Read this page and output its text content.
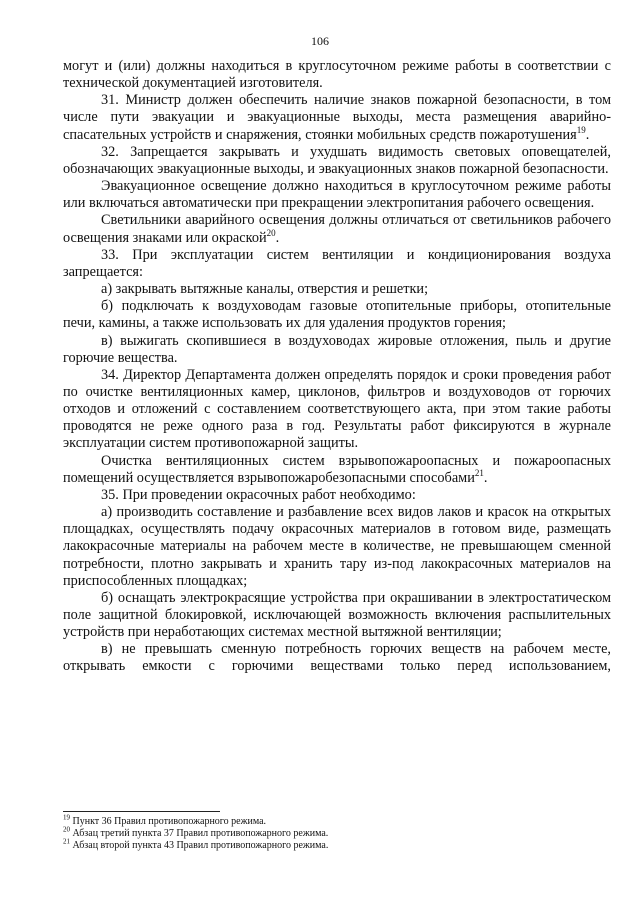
106

могут и (или) должны находиться в круглосуточном режиме работы в соответствии с технической документацией изготовителя.

31. Министр должен обеспечить наличие знаков пожарной безопасности, в том числе пути эвакуации и эвакуационные выходы, места размещения аварийно-спасательных устройств и снаряжения, стоянки мобильных средств пожаротушения$^{19}$.

32. Запрещается закрывать и ухудшать видимость световых оповещателей, обозначающих эвакуационные выходы, и эвакуационных знаков пожарной безопасности.

Эвакуационное освещение должно находиться в круглосуточном режиме работы или включаться автоматически при прекращении электропитания рабочего освещения.

Светильники аварийного освещения должны отличаться от светильников рабочего освещения знаками или окраской$^{20}$.

33. При эксплуатации систем вентиляции и кондиционирования воздуха запрещается:

а) закрывать вытяжные каналы, отверстия и решетки;

б) подключать к воздуховодам газовые отопительные приборы, отопительные печи, камины, а также использовать их для удаления продуктов горения;

в) выжигать скопившиеся в воздуховодах жировые отложения, пыль и другие горючие вещества.

34. Директор Департамента должен определять порядок и сроки проведения работ по очистке вентиляционных камер, циклонов, фильтров и воздуховодов от горючих отходов и отложений с составлением соответствующего акта, при этом такие работы проводятся не реже одного раза в год. Результаты работ фиксируются в журнале эксплуатации систем противопожарной защиты.

Очистка вентиляционных систем взрывопожароопасных и пожароопасных помещений осуществляется взрывопожаробезопасными способами$^{21}$.

35. При проведении окрасочных работ необходимо:

а) производить составление и разбавление всех видов лаков и красок на открытых площадках, осуществлять подачу окрасочных материалов в готовом виде, размещать лакокрасочные материалы на рабочем месте в количестве, не превышающем сменной потребности, плотно закрывать и хранить тару из-под лакокрасочных материалов на приспособленных площадках;

б) оснащать электрокрасящие устройства при окрашивании в электростатическом поле защитной блокировкой, исключающей возможность включения распылительных устройств при неработающих системах местной вытяжной вентиляции;

в) не превышать сменную потребность горючих веществ на рабочем месте, открывать емкости с горючими веществами только перед использованием,

$^{19}$ Пункт 36 Правил противопожарного режима.
$^{20}$ Абзац третий пункта 37 Правил противопожарного режима.
$^{21}$ Абзац второй пункта 43 Правил противопожарного режима.
